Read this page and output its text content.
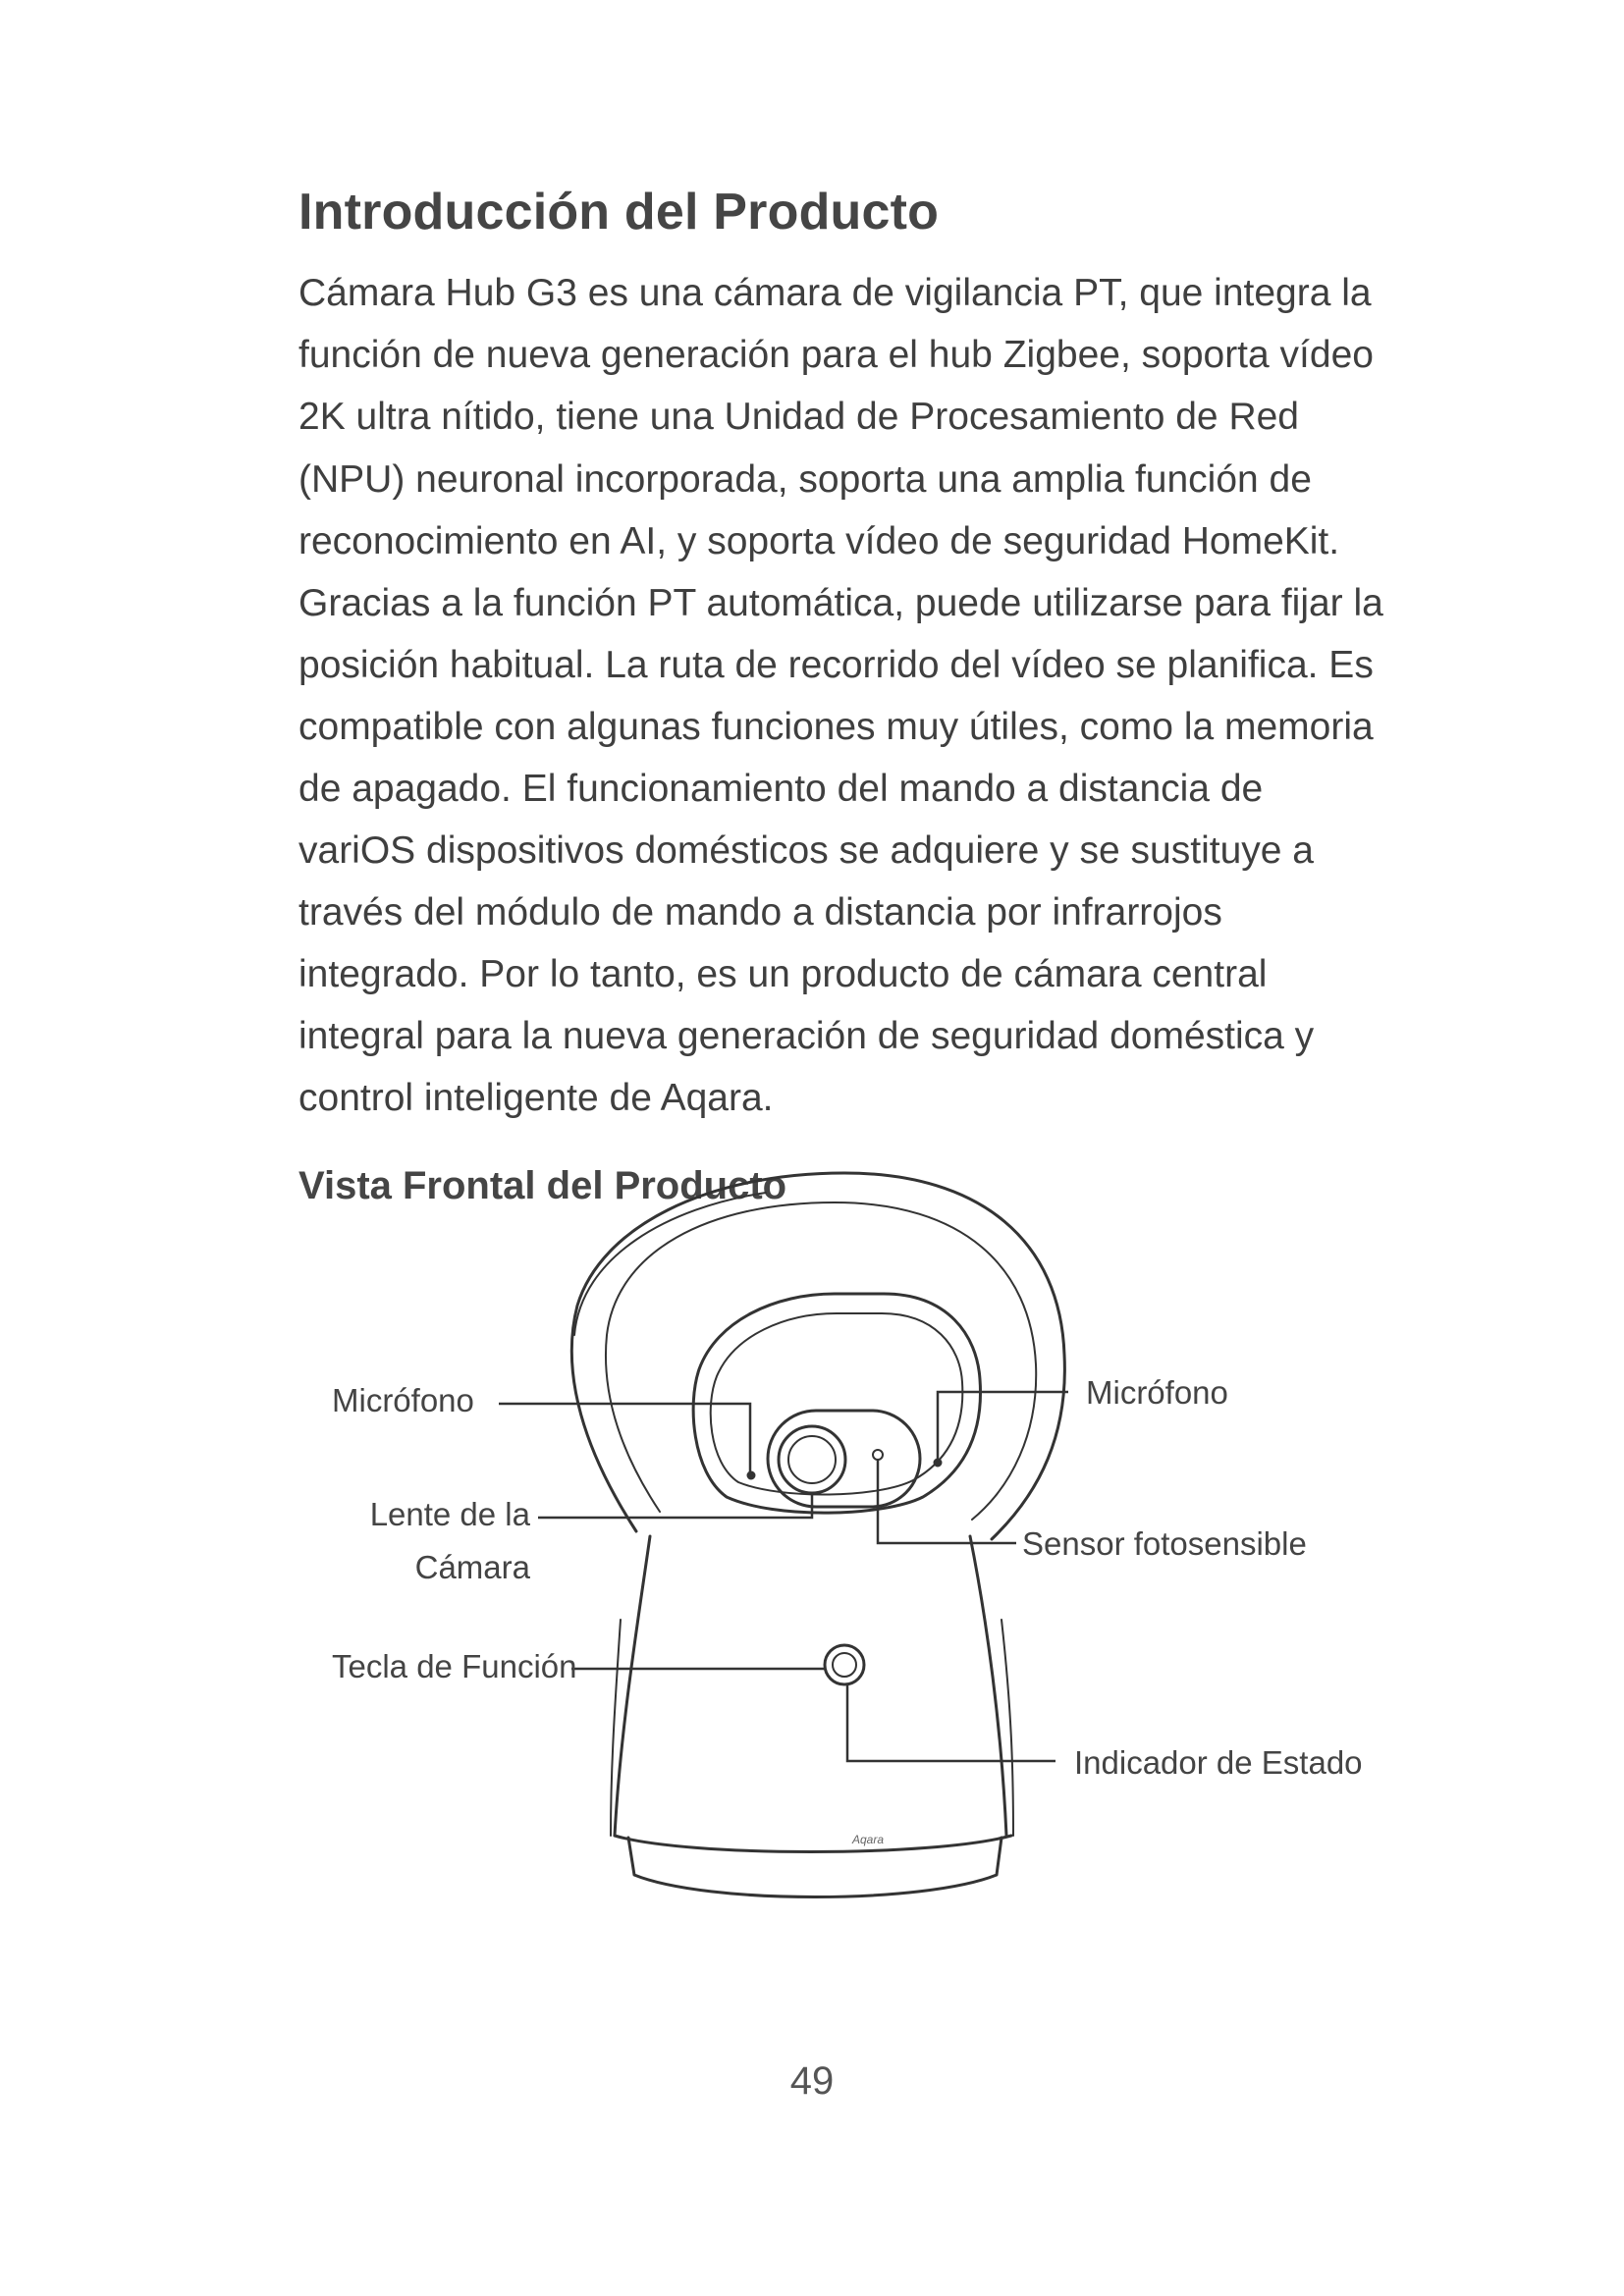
Introducción del Producto

Cámara Hub G3 es una cámara de vigilancia PT, que integra la

función de nueva generación para el hub Zigbee, soporta vídeo

2K ultra nítido, tiene una Unidad de Procesamiento de Red

(NPU) neuronal incorporada, soporta una amplia función de

reconocimiento en AI, y soporta vídeo de seguridad HomeKit.

Gracias a la función PT automática, puede utilizarse para fijar la

posición habitual. La ruta de recorrido del vídeo se planifica. Es

compatible con algunas funciones muy útiles, como la memoria

de apagado. El funcionamiento del mando a distancia de

variOS dispositivos domésticos se adquiere y se sustituye a

través del módulo de mando a distancia por infrarrojos

integrado. Por lo tanto, es un producto de cámara central

integral para la nueva generación de seguridad doméstica y

control inteligente de Aqara.

Vista Frontal del Producto
Aqara
Micrófono	Micrófono
Lente de la
Cámara
Sensor fotosensible
Tecla de Función
Indicador de Estado

49
